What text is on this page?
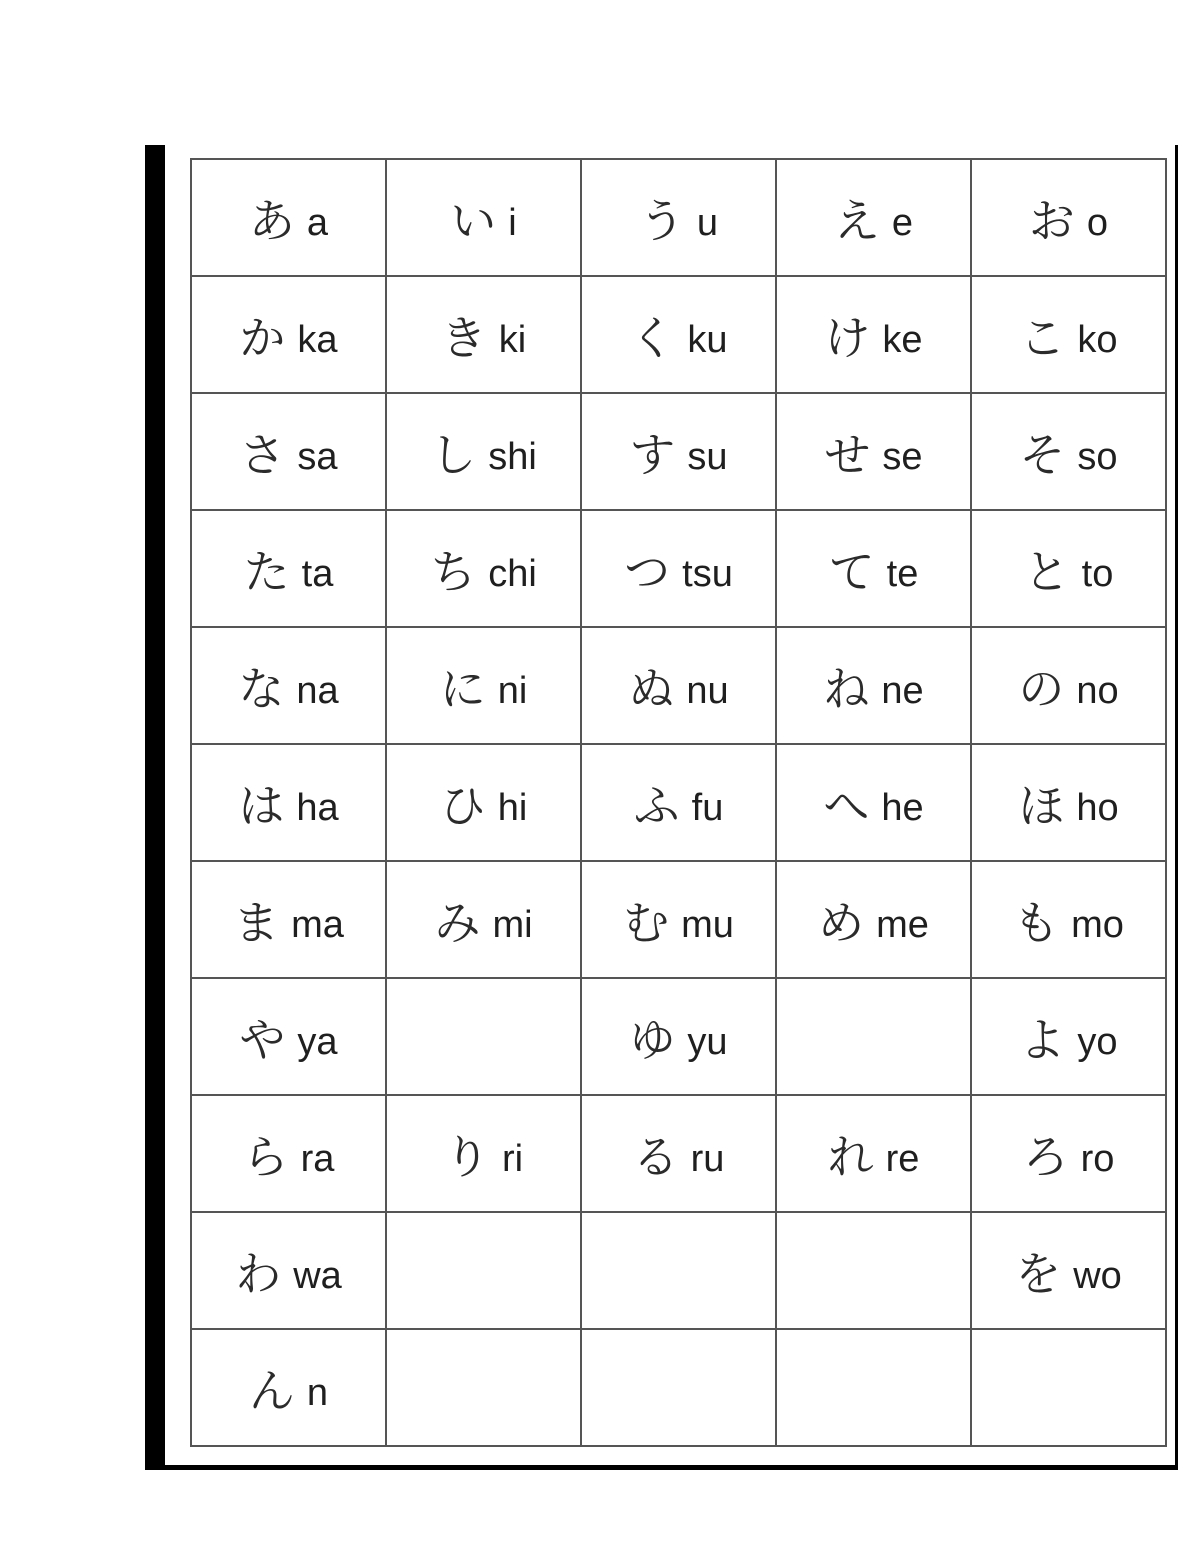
あ a	い i	う u	え e	お o
か ka	き ki	く ku	け ke	こ ko
さ sa	し shi	す su	せ se	そ so
た ta	ち chi	つ tsu	て te	と to
な na	に ni	ぬ nu	ね ne	の no
は ha	ひ hi	ふ fu	へ he	ほ ho
ま ma	み mi	む mu	め me	も mo
や ya		ゆ yu		よ yo
ら ra	り ri	る ru	れ re	ろ ro
わ wa				を wo
ん n				
